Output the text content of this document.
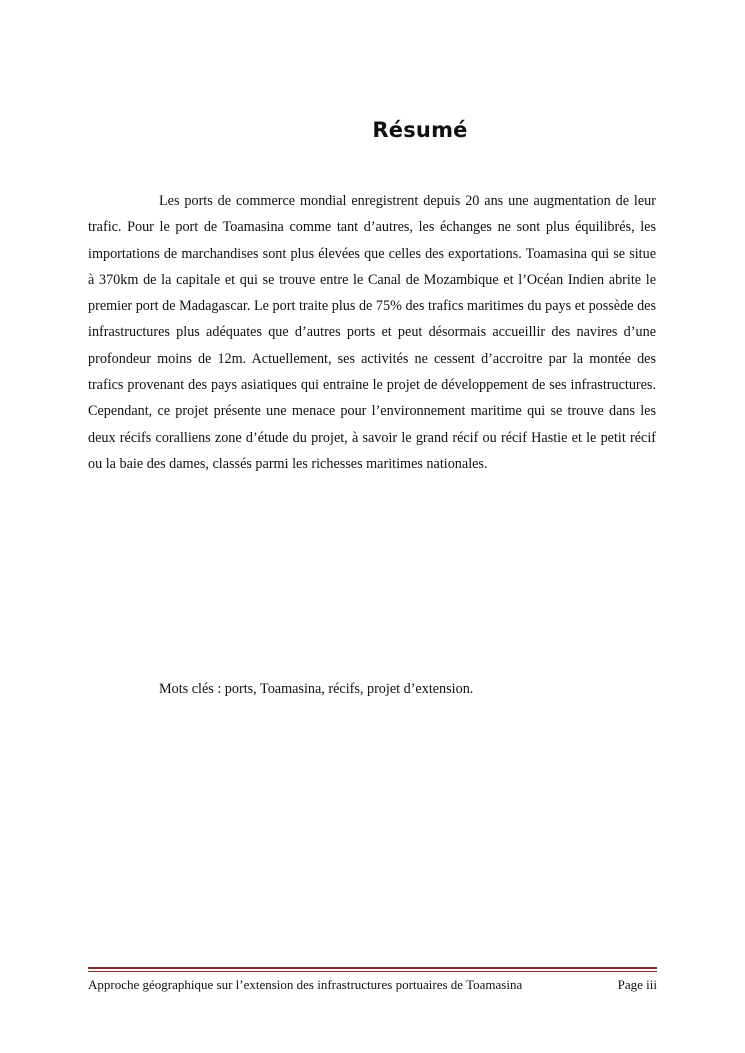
Résumé

Les ports de commerce mondial enregistrent depuis 20 ans une augmentation de leur trafic. Pour le port de Toamasina comme tant d’autres, les échanges ne sont plus équilibrés, les importations de marchandises sont plus élevées que celles des exportations. Toamasina qui se situe à 370km de la capitale et qui se trouve entre le Canal de Mozambique et l’Océan Indien abrite le premier port de Madagascar. Le port traite plus de 75% des trafics maritimes du pays et possède des infrastructures plus adéquates que d’autres ports et peut désormais accueillir des navires d’une profondeur moins de 12m. Actuellement, ses activités ne cessent d’accroitre par la montée des trafics provenant des pays asiatiques qui entraine le projet de développement de ses infrastructures. Cependant, ce projet présente une menace pour l’environnement maritime qui se trouve dans les deux récifs coralliens zone d’étude du projet, à savoir le grand récif ou récif Hastie et le petit récif ou la baie des dames, classés parmi les richesses maritimes nationales.

Mots clés : ports, Toamasina, récifs, projet d’extension.

Approche géographique sur l’extension des infrastructures portuaires de Toamasina	Page iii
